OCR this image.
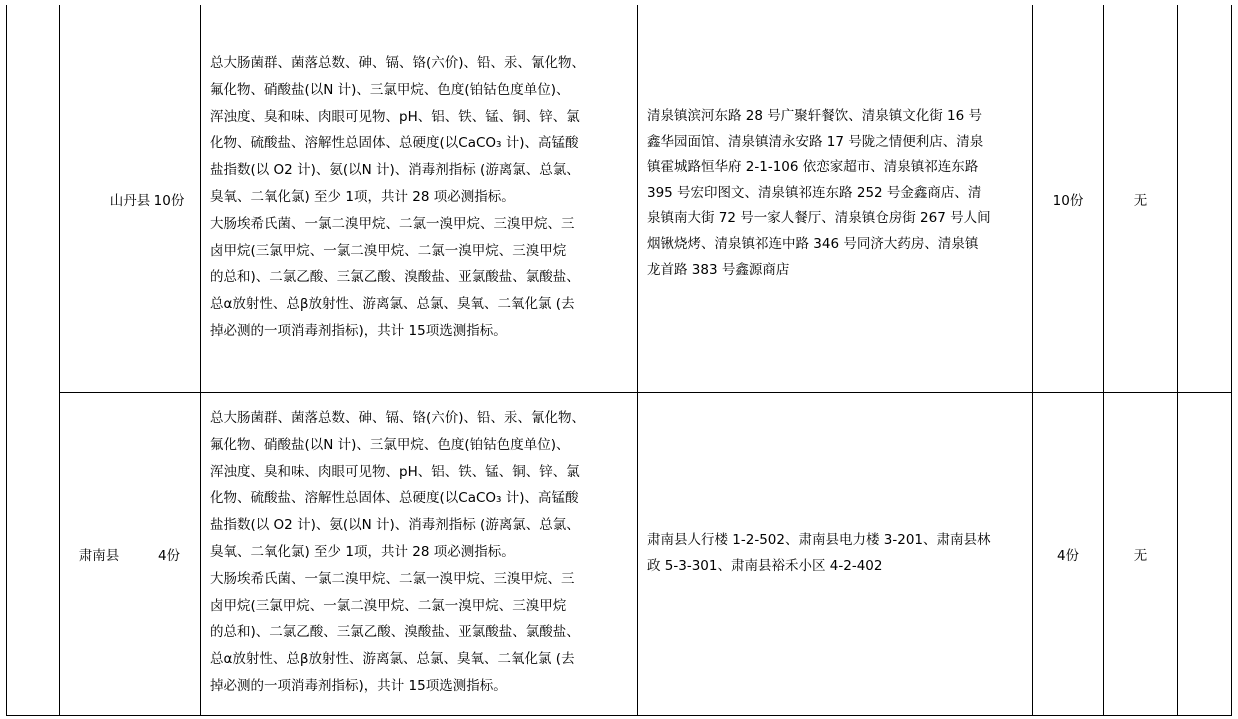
山丹县 10份

总大肠菌群、菌落总数、砷、镉、铬(六价)、铅、汞、氰化物、

氟化物、硝酸盐(以N 计)、三氯甲烷、色度(铂钴色度单位)、

浑浊度、臭和味、肉眼可见物、pH、铝、铁、锰、铜、锌、氯

化物、硫酸盐、溶解性总固体、总硬度(以CaCO₃ 计)、高锰酸

盐指数(以 O2 计)、氨(以N 计)、消毒剂指标 (游离氯、总氯、

臭氧、二氧化氯) 至少 1项，共计 28 项必测指标。

大肠埃希氏菌、一氯二溴甲烷、二氯一溴甲烷、三溴甲烷、三

卤甲烷(三氯甲烷、一氯二溴甲烷、二氯一溴甲烷、三溴甲烷

的总和)、二氯乙酸、三氯乙酸、溴酸盐、亚氯酸盐、氯酸盐、

总α放射性、总β放射性、游离氯、总氯、臭氧、二氧化氯 (去

掉必测的一项消毒剂指标)，共计 15项选测指标。

清泉镇滨河东路 28 号广聚轩餐饮、清泉镇文化街 16 号

鑫华园面馆、清泉镇清永安路 17 号陇之情便利店、清泉

镇霍城路恒华府 2-1-106 依恋家超市、清泉镇祁连东路

395 号宏印图文、清泉镇祁连东路 252 号金鑫商店、清

泉镇南大街 72 号一家人餐厅、清泉镇仓房街 267 号人间

烟锹烧烤、清泉镇祁连中路 346 号同济大药房、清泉镇

龙首路 383 号鑫源商店

10份	无
肃南县	4份

总大肠菌群、菌落总数、砷、镉、铬(六价)、铅、汞、氰化物、

氟化物、硝酸盐(以N 计)、三氯甲烷、色度(铂钴色度单位)、

浑浊度、臭和味、肉眼可见物、pH、铝、铁、锰、铜、锌、氯

化物、硫酸盐、溶解性总固体、总硬度(以CaCO₃ 计)、高锰酸

盐指数(以 O2 计)、氨(以N 计)、消毒剂指标 (游离氯、总氯、

臭氧、二氧化氯) 至少 1项，共计 28 项必测指标。

大肠埃希氏菌、一氯二溴甲烷、二氯一溴甲烷、三溴甲烷、三

卤甲烷(三氯甲烷、一氯二溴甲烷、二氯一溴甲烷、三溴甲烷

的总和)、二氯乙酸、三氯乙酸、溴酸盐、亚氯酸盐、氯酸盐、

总α放射性、总β放射性、游离氯、总氯、臭氧、二氧化氯 (去

掉必测的一项消毒剂指标)，共计 15项选测指标。

肃南县人行楼 1-2-502、肃南县电力楼 3-201、肃南县林

政 5-3-301、肃南县裕禾小区 4-2-402

4份	无
